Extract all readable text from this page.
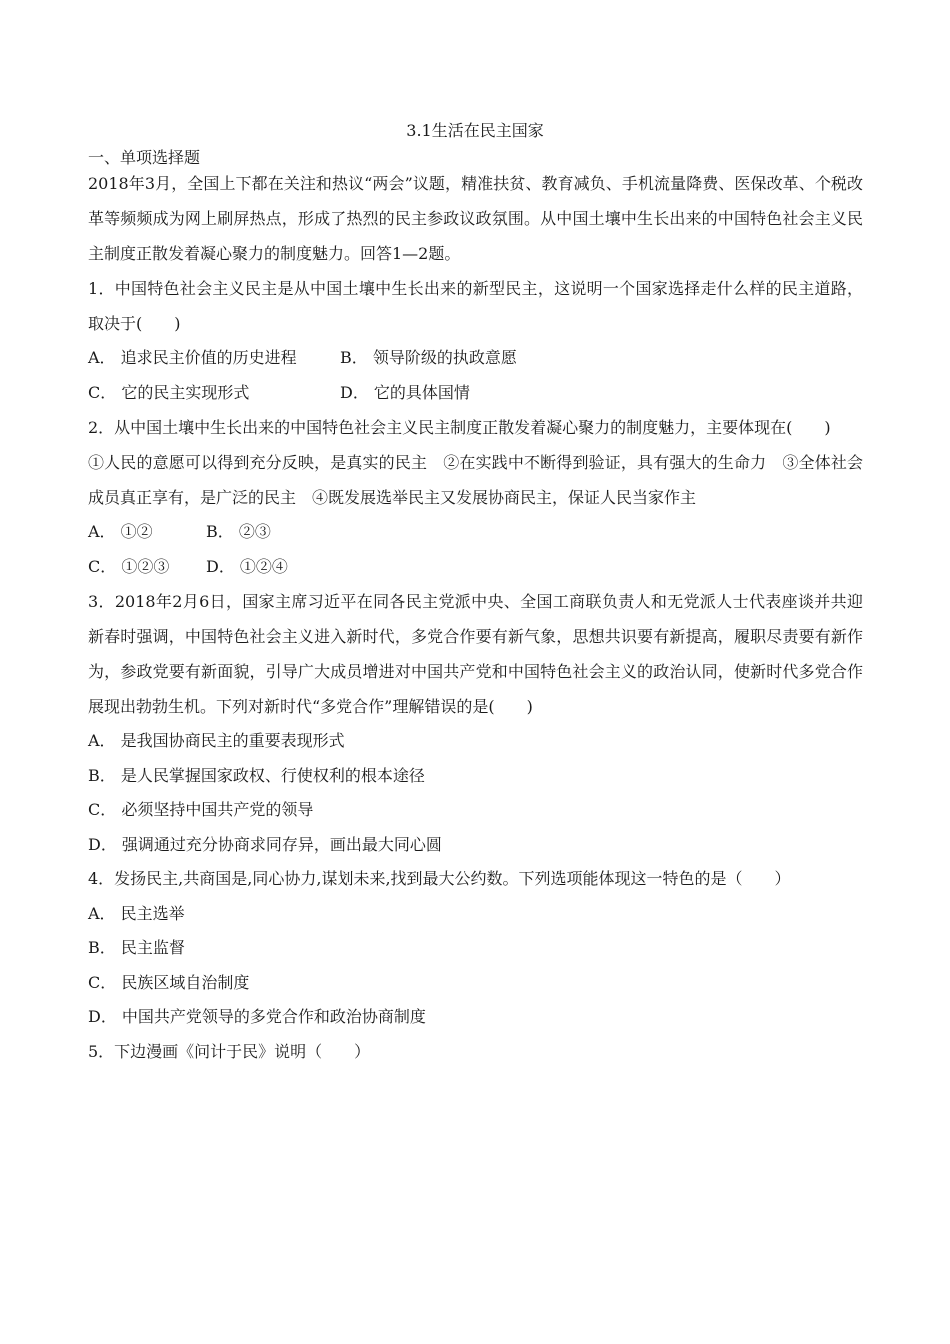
3.1生活在民主国家
一、单项选择题

2018年3月，全国上下都在关注和热议“两会”议题，精准扶贫、教育减负、手机流量降费、医保改革、个税改革等频频成为网上刷屏热点，形成了热烈的民主参政议政氛围。从中国土壤中生长出来的中国特色社会主义民主制度正散发着凝心聚力的制度魅力。回答1—2题。

1．中国特色社会主义民主是从中国土壤中生长出来的新型民主，这说明一个国家选择走什么样的民主道路，取决于(　　)

A． 追求民主价值的历史进程	B． 领导阶级的执政意愿
C． 它的民主实现形式	D． 它的具体国情

2．从中国土壤中生长出来的中国特色社会主义民主制度正散发着凝心聚力的制度魅力，主要体现在(　　)

①人民的意愿可以得到充分反映，是真实的民主　②在实践中不断得到验证，具有强大的生命力　③全体社会成员真正享有，是广泛的民主　④既发展选举民主又发展协商民主，保证人民当家作主

A． ①②	B． ②③
C． ①②③	D． ①②④

3．2018年2月6日，国家主席习近平在同各民主党派中央、全国工商联负责人和无党派人士代表座谈并共迎新春时强调，中国特色社会主义进入新时代，多党合作要有新气象，思想共识要有新提高，履职尽责要有新作为，参政党要有新面貌，引导广大成员增进对中国共产党和中国特色社会主义的政治认同，使新时代多党合作展现出勃勃生机。下列对新时代“多党合作”理解错误的是(　　)

A． 是我国协商民主的重要表现形式

B． 是人民掌握国家政权、行使权利的根本途径

C． 必须坚持中国共产党的领导

D． 强调通过充分协商求同存异，画出最大同心圆

4．发扬民主,共商国是,同心协力,谋划未来,找到最大公约数。下列选项能体现这一特色的是（　　）

A． 民主选举

B． 民主监督

C． 民族区域自治制度

D． 中国共产党领导的多党合作和政治协商制度

5．下边漫画《问计于民》说明（　　）
